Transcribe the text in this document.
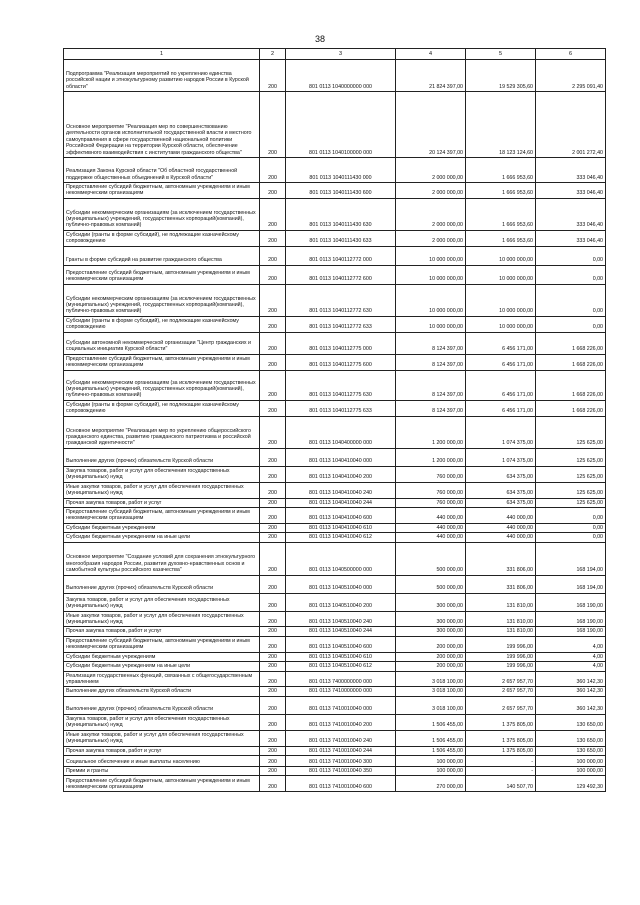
38
1	2	3	4	5	6
Подпрограмма "Реализация мероприятий по укреплению единства российской нации и этнокультурному развитию народов России в Курской области"	200	801 0113 1040000000 000	21 824 397,00	19 529 305,60	2 295 091,40
Основное мероприятие "Реализация мер по совершенствованию деятельности органов исполнительной государственной власти и местного самоуправления в сфере государственной национальной политики Российской Федерации на территории Курской области, обеспечение эффективного взаимодействия с институтами гражданского общества"	200	801 0113 1040100000 000	20 124 397,00	18 123 124,60	2 001 272,40
Реализация Закона Курской области "Об областной государственной поддержке общественных объединений в Курской области"	200	801 0113 1040111430 000	2 000 000,00	1 666 953,60	333 046,40
Предоставление субсидий бюджетным, автономным учреждениям и иным некоммерческим организациям	200	801 0113 1040111430 600	2 000 000,00	1 666 953,60	333 046,40
Субсидии некоммерческим организациям (за исключением государственных (муниципальных) учреждений, государственных корпораций(компаний), публично-правовых компаний)	200	801 0113 1040111430 630	2 000 000,00	1 666 953,60	333 046,40
Субсидии (гранты в форме субсидий), не подлежащие казначейскому сопровождению	200	801 0113 1040111430 633	2 000 000,00	1 666 953,60	333 046,40
Гранты в форме субсидий на развитие гражданского общества	200	801 0113 1040112772 000	10 000 000,00	10 000 000,00	0,00
Предоставление субсидий бюджетным, автономным учреждениям и иным некоммерческим организациям	200	801 0113 1040112772 600	10 000 000,00	10 000 000,00	0,00
Субсидии некоммерческим организациям (за исключением государственных (муниципальных) учреждений, государственных корпораций(компаний), публично-правовых компаний)	200	801 0113 1040112772 630	10 000 000,00	10 000 000,00	0,00
Субсидии (гранты в форме субсидий), не подлежащие казначейскому сопровождению	200	801 0113 1040112772 633	10 000 000,00	10 000 000,00	0,00
Субсидии автономной некоммерческой организации "Центр гражданских и социальных инициатив Курской области"	200	801 0113 1040112775 000	8 124 397,00	6 456 171,00	1 668 226,00
Предоставление субсидий бюджетным, автономным учреждениям и иным некоммерческим организациям	200	801 0113 1040112775 600	8 124 397,00	6 456 171,00	1 668 226,00
Субсидии некоммерческим организациям (за исключением государственных (муниципальных) учреждений, государственных корпораций(компаний), публично-правовых компаний)	200	801 0113 1040112775 630	8 124 397,00	6 456 171,00	1 668 226,00
Субсидии (гранты в форме субсидий), не подлежащие казначейскому сопровождению	200	801 0113 1040112775 633	8 124 397,00	6 456 171,00	1 668 226,00
Основное мероприятие "Реализация мер по укреплению общероссийского гражданского единства, развитию гражданского патриотизма и российской гражданской идентичности"	200	801 0113 1040400000 000	1 200 000,00	1 074 375,00	125 625,00
Выполнение других (прочих) обязательств Курской области	200	801 0113 1040410040 000	1 200 000,00	1 074 375,00	125 625,00
Закупка товаров, работ и услуг для обеспечения государственных (муниципальных) нужд	200	801 0113 1040410040 200	760 000,00	634 375,00	125 625,00
Иные закупки товаров, работ и услуг для обеспечения государственных (муниципальных) нужд	200	801 0113 1040410040 240	760 000,00	634 375,00	125 625,00
Прочая закупка товаров, работ и услуг	200	801 0113 1040410040 244	760 000,00	634 375,00	125 625,00
Предоставление субсидий бюджетным, автономным учреждениям и иным некоммерческим организациям	200	801 0113 1040410040 600	440 000,00	440 000,00	0,00
Субсидии бюджетным учреждениям	200	801 0113 1040410040 610	440 000,00	440 000,00	0,00
Субсидии бюджетным учреждениям на иные цели	200	801 0113 1040410040 612	440 000,00	440 000,00	0,00
Основное мероприятие "Создание условий для сохранения этнокультурного многообразия народов России, развития духовно-нравственных основ и самобытной культуры российского казачества"	200	801 0113 1040500000 000	500 000,00	331 806,00	168 194,00
Выполнение других (прочих) обязательств Курской области	200	801 0113 1040510040 000	500 000,00	331 806,00	168 194,00
Закупка товаров, работ и услуг для обеспечения государственных (муниципальных) нужд	200	801 0113 1040510040 200	300 000,00	131 810,00	168 190,00
Иные закупки товаров, работ и услуг для обеспечения государственных (муниципальных) нужд	200	801 0113 1040510040 240	300 000,00	131 810,00	168 190,00
Прочая закупка товаров, работ и услуг	200	801 0113 1040510040 244	300 000,00	131 810,00	168 190,00
Предоставление субсидий бюджетным, автономным учреждениям и иным некоммерческим организациям	200	801 0113 1040510040 600	200 000,00	199 996,00	4,00
Субсидии бюджетным учреждениям	200	801 0113 1040510040 610	200 000,00	199 996,00	4,00
Субсидии бюджетным учреждениям на иные цели	200	801 0113 1040510040 612	200 000,00	199 996,00	4,00
Реализация государственных функций, связанных с общегосударственным управлением	200	801 0113 7400000000 000	3 018 100,00	2 657 957,70	360 142,30
Выполнение других обязательств Курской области	200	801 0113 7410000000 000	3 018 100,00	2 657 957,70	360 142,30
Выполнение других (прочих) обязательств Курской области	200	801 0113 7410010040 000	3 018 100,00	2 657 957,70	360 142,30
Закупка товаров, работ и услуг для обеспечения государственных (муниципальных) нужд	200	801 0113 7410010040 200	1 506 455,00	1 375 805,00	130 650,00
Иные закупки товаров, работ и услуг для обеспечения государственных (муниципальных) нужд	200	801 0113 7410010040 240	1 506 455,00	1 375 805,00	130 650,00
Прочая закупка товаров, работ и услуг	200	801 0113 7410010040 244	1 506 455,00	1 375 805,00	130 650,00
Социальное обеспечение и иные выплаты населению	200	801 0113 7410010040 300	100 000,00	-	100 000,00
Премии и гранты	200	801 0113 7410010040 350	100 000,00	-	100 000,00
Предоставление субсидий бюджетным, автономным учреждениям и иным некоммерческим организациям	200	801 0113 7410010040 600	270 000,00	140 507,70	129 492,30
